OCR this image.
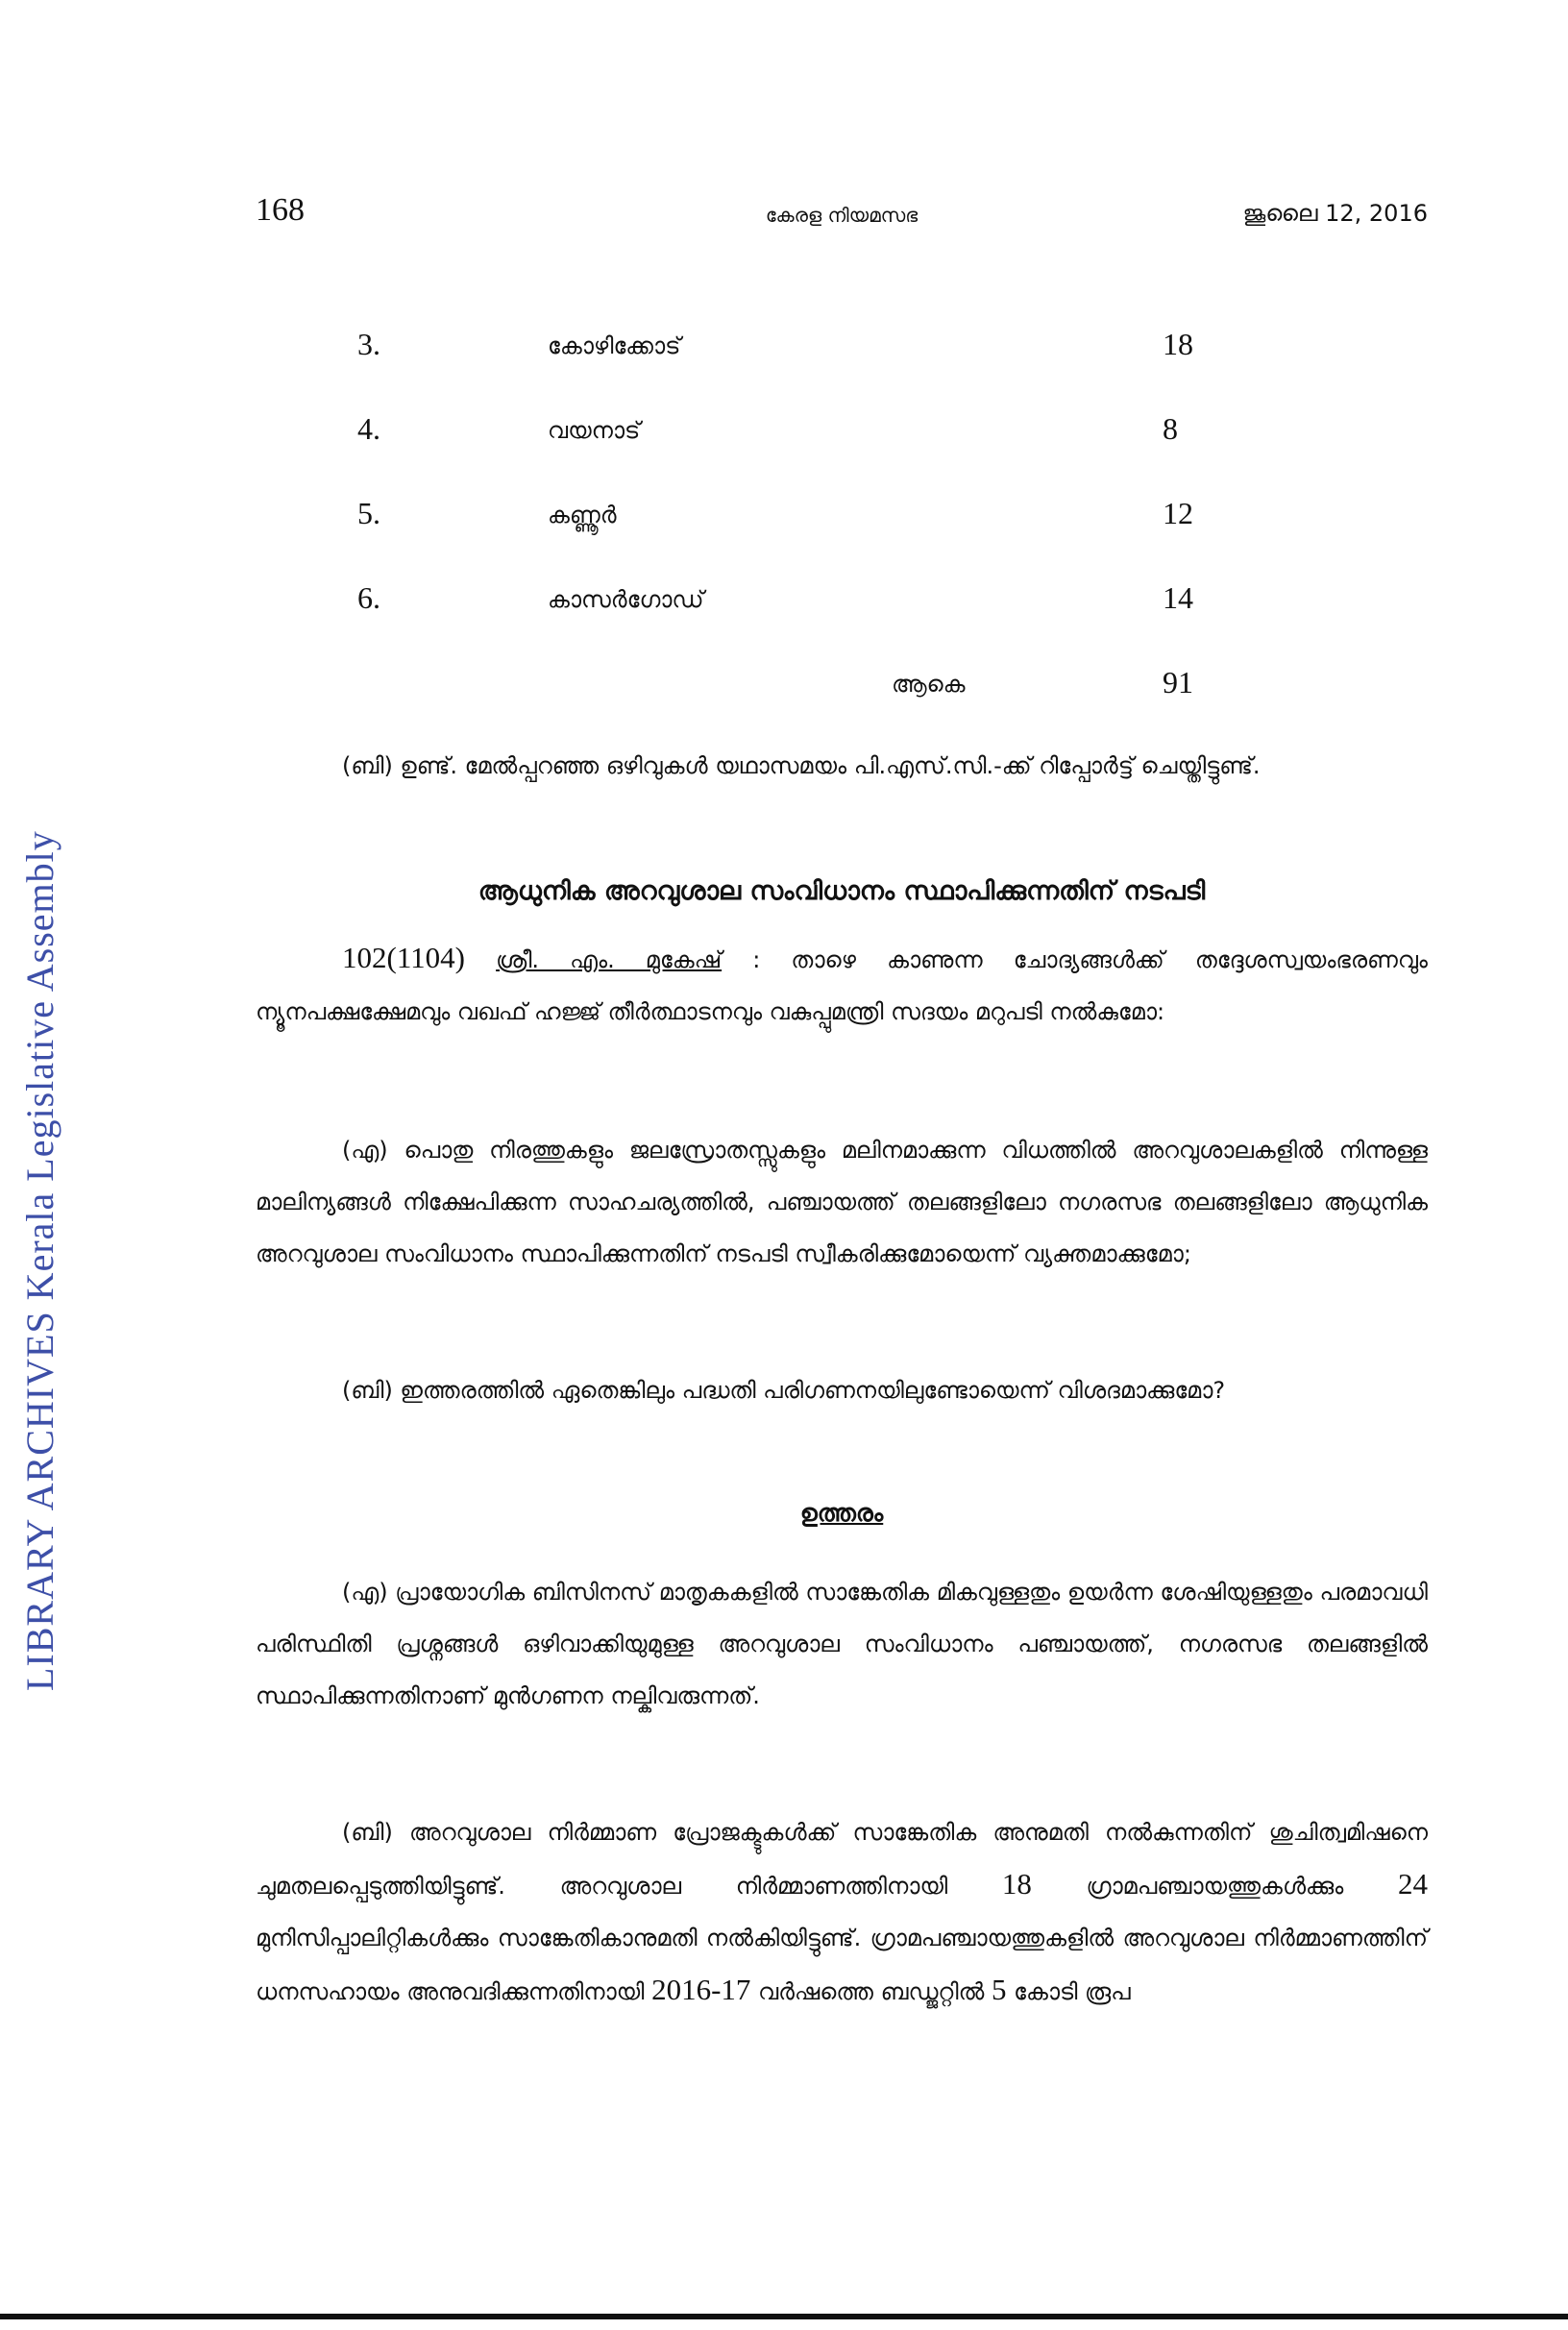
LIBRARY ARCHIVES Kerala Legislative Assembly
168	കേരള നിയമസഭ	ജൂലൈ 12, 2016
3.	കോഴിക്കോട്	18
4.	വയനാട്	8
5.	കണ്ണൂർ	12
6.	കാസർഗോഡ്	14
ആകെ	91

(ബി) ഉണ്ട്. മേൽപ്പറഞ്ഞ ഒഴിവുകൾ യഥാസമയം പി.എസ്.സി.-ക്ക് റിപ്പോർട്ട് ചെയ്തിട്ടുണ്ട്.

ആധുനിക അറവുശാല സംവിധാനം സ്ഥാപിക്കുന്നതിന് നടപടി

102(1104) ശ്രീ. എം. മുകേഷ് : താഴെ കാണുന്ന ചോദ്യങ്ങൾക്ക് തദ്ദേശസ്വയംഭരണവും ന്യൂനപക്ഷക്ഷേമവും വഖഫ് ഹജ്ജ് തീർത്ഥാടനവും വകുപ്പുമന്ത്രി സദയം മറുപടി നൽകുമോ:

(എ) പൊതു നിരത്തുകളും ജലസ്രോതസ്സുകളും മലിനമാക്കുന്ന വിധത്തിൽ അറവുശാലകളിൽ നിന്നുള്ള മാലിന്യങ്ങൾ നിക്ഷേപിക്കുന്ന സാഹചര്യത്തിൽ, പഞ്ചായത്ത് തലങ്ങളിലോ നഗരസഭ തലങ്ങളിലോ ആധുനിക അറവുശാല സംവിധാനം സ്ഥാപിക്കുന്നതിന് നടപടി സ്വീകരിക്കുമോയെന്ന് വ്യക്തമാക്കുമോ;

(ബി) ഇത്തരത്തിൽ ഏതെങ്കിലും പദ്ധതി പരിഗണനയിലുണ്ടോയെന്ന് വിശദമാക്കുമോ?

ഉത്തരം

(എ) പ്രായോഗിക ബിസിനസ് മാതൃകകളിൽ സാങ്കേതിക മികവുള്ളതും ഉയർന്ന ശേഷിയുള്ളതും പരമാവധി പരിസ്ഥിതി പ്രശ്നങ്ങൾ ഒഴിവാക്കിയുമുള്ള അറവുശാല സംവിധാനം പഞ്ചായത്ത്, നഗരസഭ തലങ്ങളിൽ സ്ഥാപിക്കുന്നതിനാണ് മുൻഗണന നല്കിവരുന്നത്.

(ബി) അറവുശാല നിർമ്മാണ പ്രോജക്ടുകൾക്ക് സാങ്കേതിക അനുമതി നൽകുന്നതിന് ശുചിത്വമിഷനെ ചുമതലപ്പെടുത്തിയിട്ടുണ്ട്. അറവുശാല നിർമ്മാണത്തിനായി 18 ഗ്രാമപഞ്ചായത്തുകൾക്കും 24 മുനിസിപ്പാലിറ്റികൾക്കും സാങ്കേതികാനുമതി നൽകിയിട്ടുണ്ട്. ഗ്രാമപഞ്ചായത്തുകളിൽ അറവുശാല നിർമ്മാണത്തിന് ധനസഹായം അനുവദിക്കുന്നതിനായി 2016-17 വർഷത്തെ ബഡ്ജറ്റിൽ 5 കോടി രൂപ
